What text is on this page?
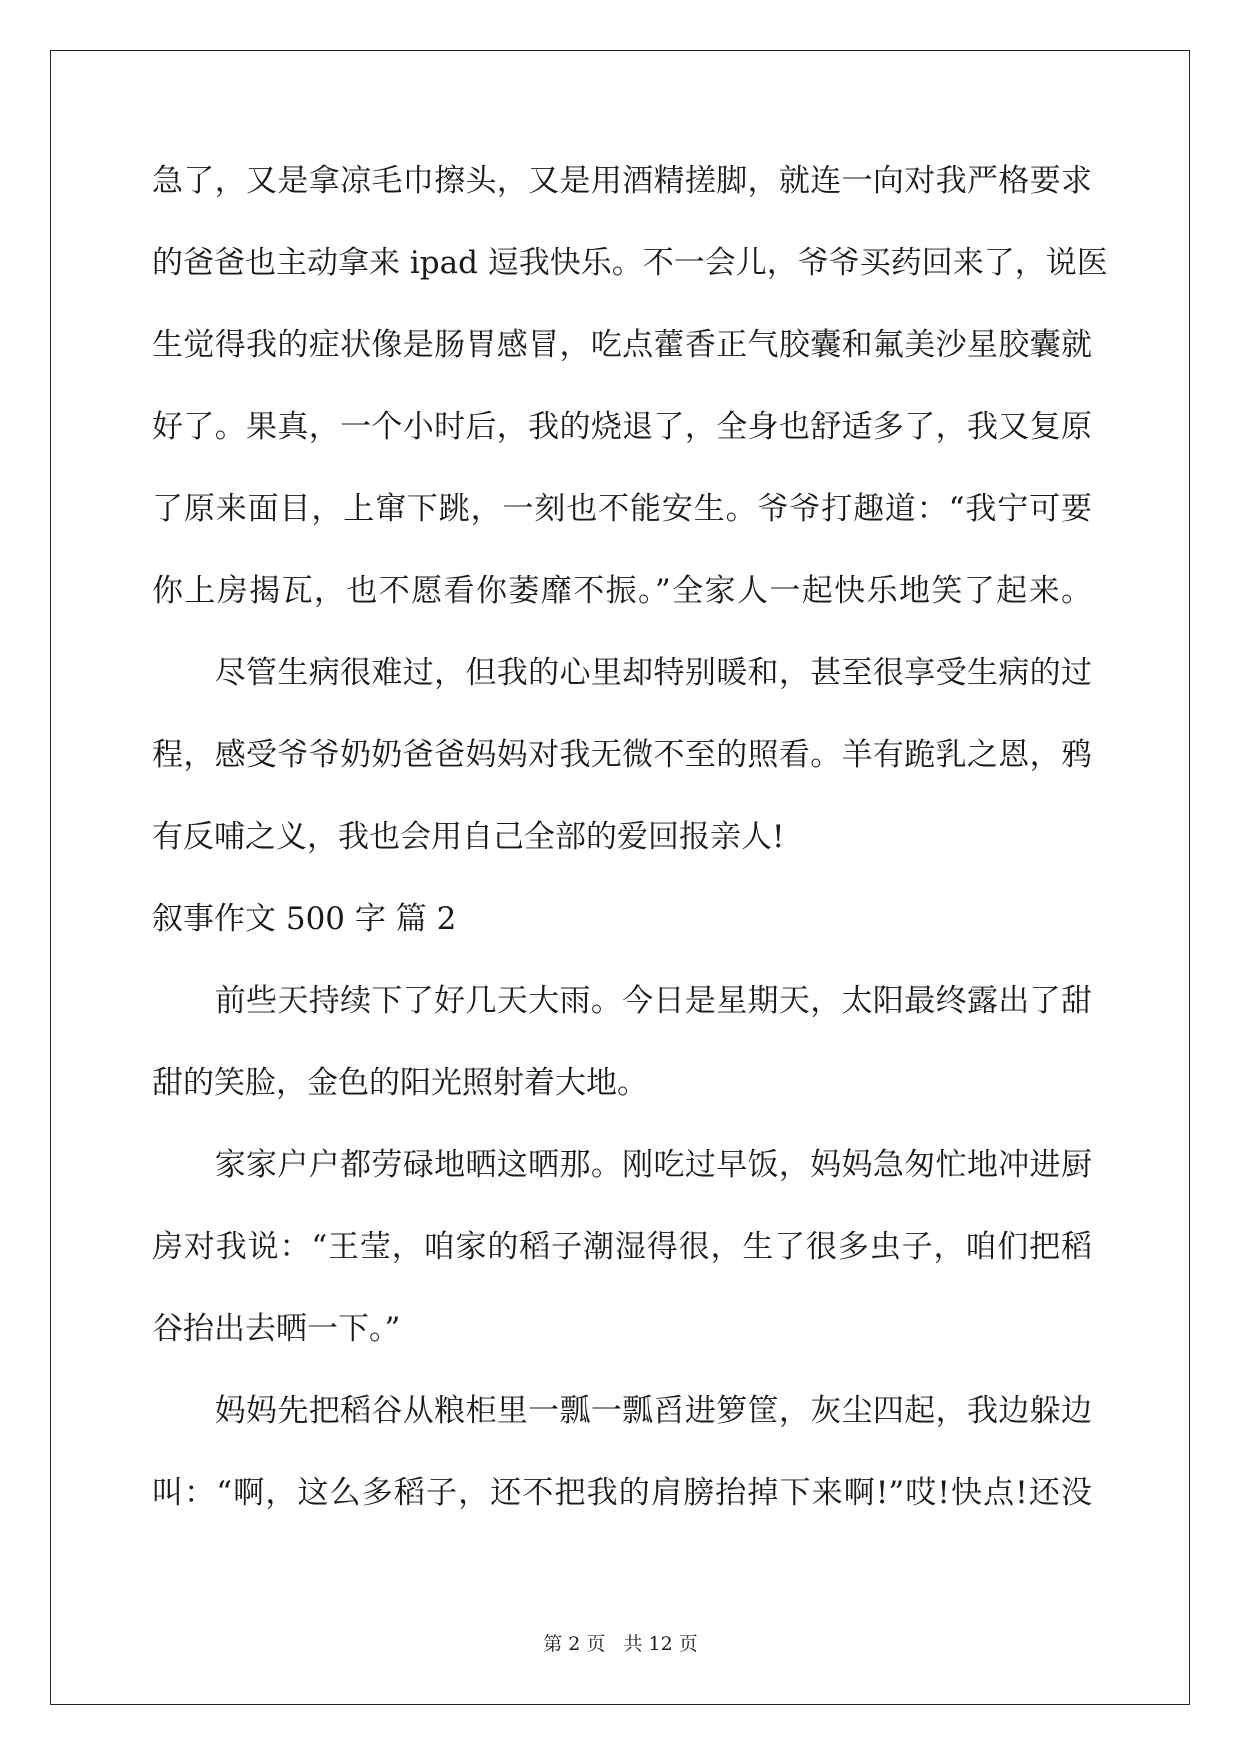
急了，又是拿凉毛巾擦头，又是用酒精搓脚，就连一向对我严格要求
的爸爸也主动拿来 ipad 逗我快乐。不一会儿，爷爷买药回来了，说医
生觉得我的症状像是肠胃感冒，吃点藿香正气胶囊和氟美沙星胶囊就
好了。果真，一个小时后，我的烧退了，全身也舒适多了，我又复原
了原来面目，上窜下跳，一刻也不能安生。爷爷打趣道：“我宁可要
你上房揭瓦，也不愿看你萎靡不振。”全家人一起快乐地笑了起来。
　　尽管生病很难过，但我的心里却特别暖和，甚至很享受生病的过
程，感受爷爷奶奶爸爸妈妈对我无微不至的照看。羊有跪乳之恩，鸦
有反哺之义，我也会用自己全部的爱回报亲人!
叙事作文 500 字 篇 2
　　前些天持续下了好几天大雨。今日是星期天，太阳最终露出了甜
甜的笑脸，金色的阳光照射着大地。
　　家家户户都劳碌地晒这晒那。刚吃过早饭，妈妈急匆忙地冲进厨
房对我说：“王莹，咱家的稻子潮湿得很，生了很多虫子，咱们把稻
谷抬出去晒一下。”
　　妈妈先把稻谷从粮柜里一瓢一瓢舀进箩筐，灰尘四起，我边躲边
叫：“啊，这么多稻子，还不把我的肩膀抬掉下来啊!”哎!快点!还没
第 2 页 共 12 页
